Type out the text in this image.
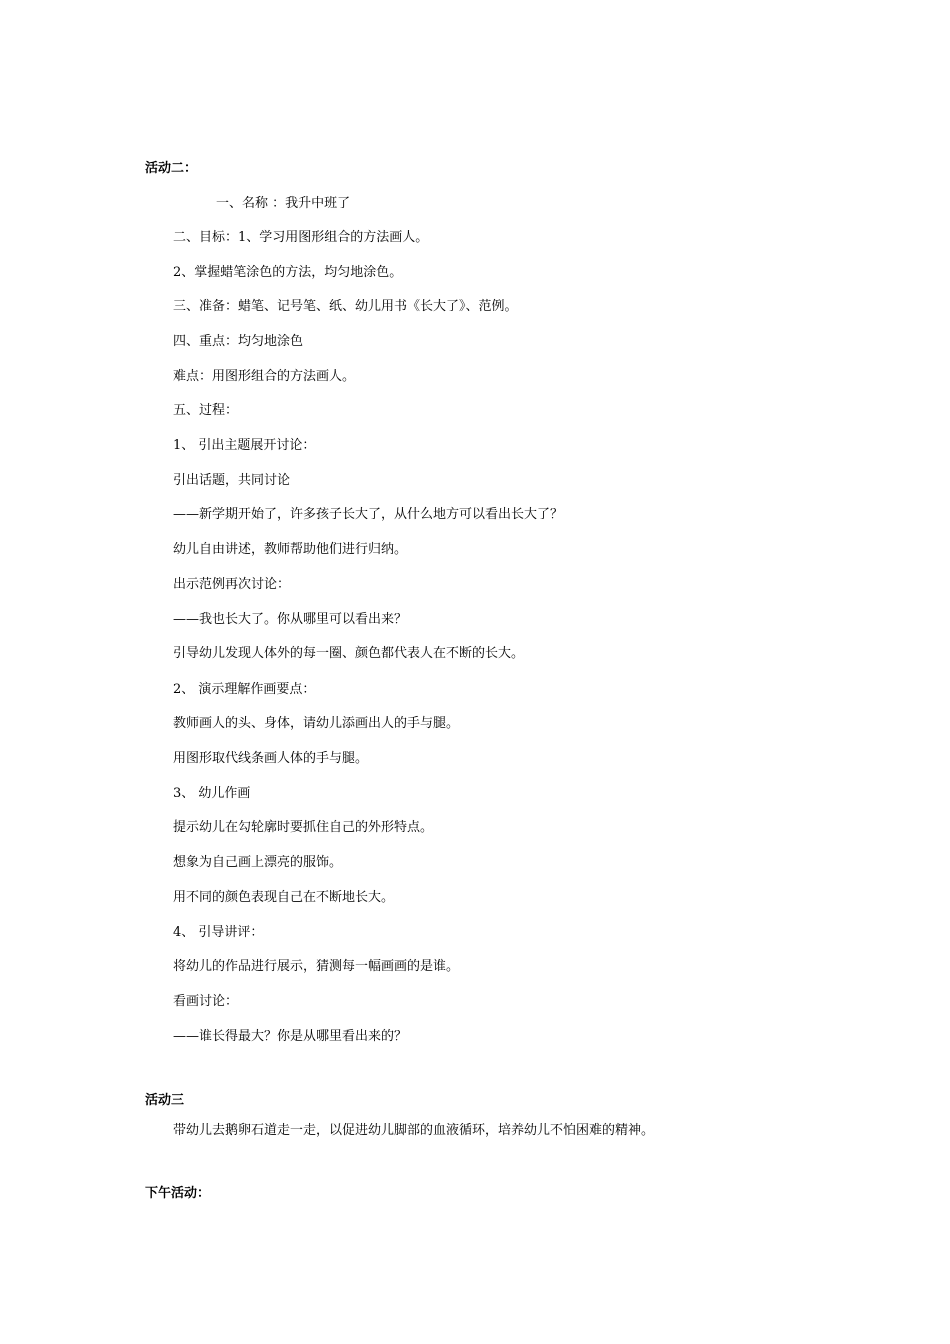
活动二：
一、名称 ：我升中班了
二、目标：1、学习用图形组合的方法画人。
2、掌握蜡笔涂色的方法，均匀地涂色。
三、准备：蜡笔、记号笔、纸、幼儿用书《长大了》、范例。
四、重点：均匀地涂色
难点：用图形组合的方法画人。
五、过程：
1、 引出主题展开讨论：
引出话题，共同讨论
——新学期开始了，许多孩子长大了，从什么地方可以看出长大了？
幼儿自由讲述，教师帮助他们进行归纳。
出示范例再次讨论：
——我也长大了。你从哪里可以看出来？
引导幼儿发现人体外的每一圈、颜色都代表人在不断的长大。
2、 演示理解作画要点：
教师画人的头、身体，请幼儿添画出人的手与腿。
用图形取代线条画人体的手与腿。
3、 幼儿作画
提示幼儿在勾轮廓时要抓住自己的外形特点。
想象为自己画上漂亮的服饰。
用不同的颜色表现自己在不断地长大。
4、 引导讲评：
将幼儿的作品进行展示，猜测每一幅画画的是谁。
看画讨论：
——谁长得最大？你是从哪里看出来的？
活动三
带幼儿去鹅卵石道走一走，以促进幼儿脚部的血液循环，培养幼儿不怕困难的精神。
下午活动：
